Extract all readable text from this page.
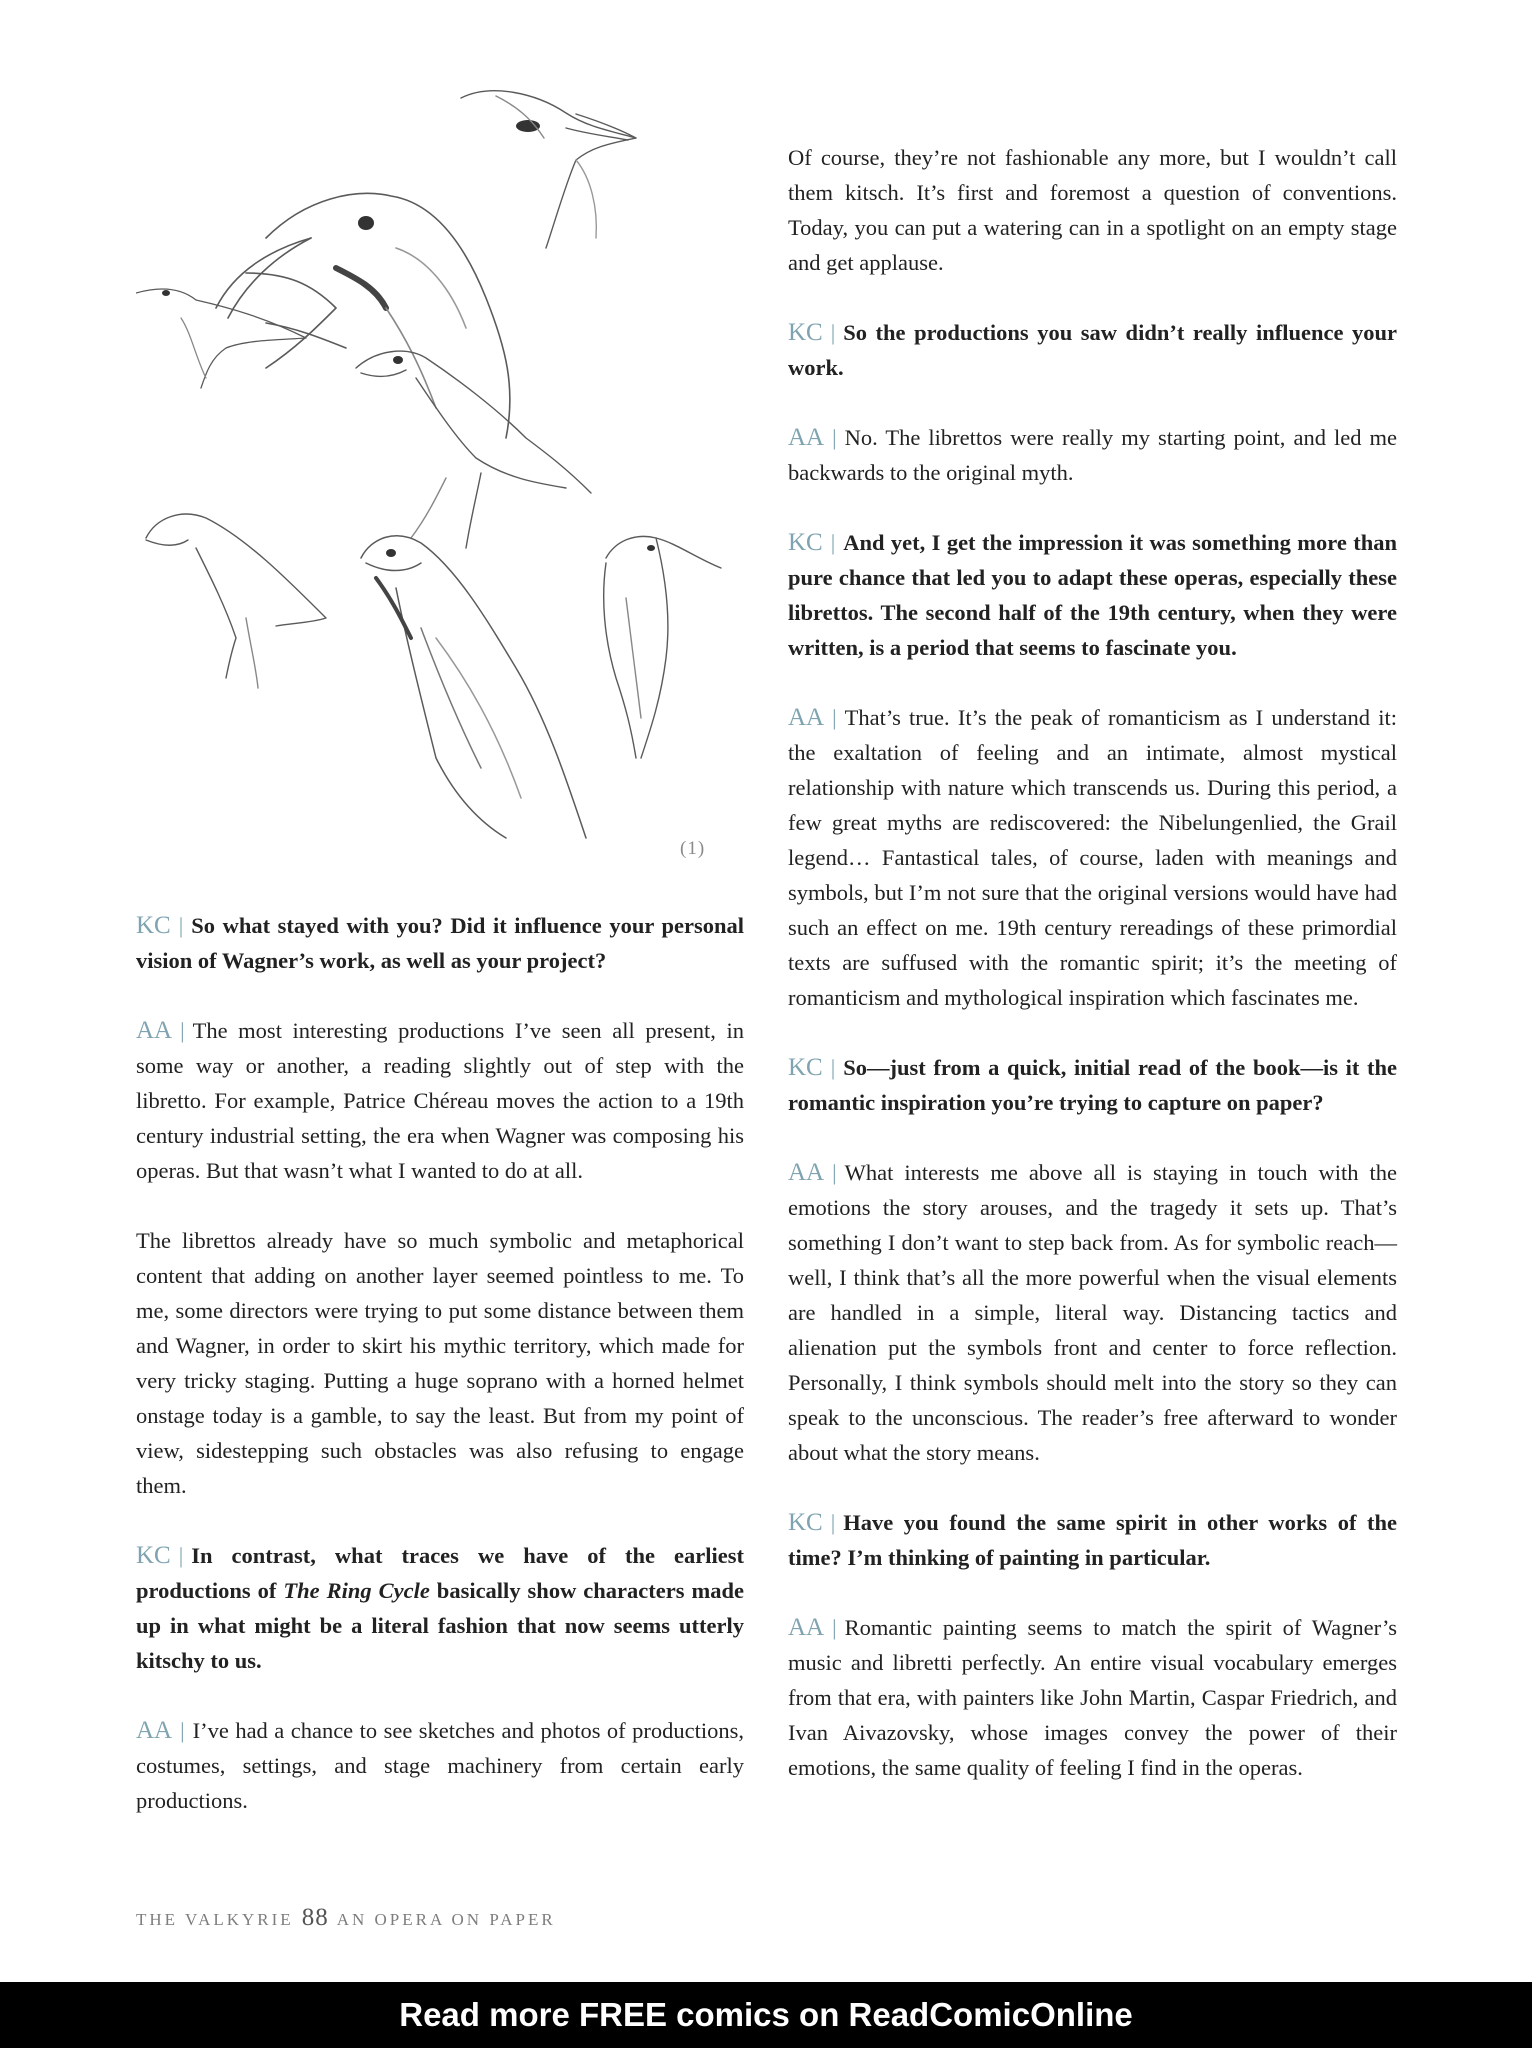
(1)

KC | So what stayed with you? Did it influence your personal vision of Wagner’s work, as well as your project?

AA | The most interesting productions I’ve seen all present, in some way or another, a reading slightly out of step with the libretto. For example, Patrice Chéreau moves the action to a 19th century industrial setting, the era when Wagner was composing his operas. But that wasn’t what I wanted to do at all.

The librettos already have so much symbolic and metaphorical content that adding on another layer seemed pointless to me. To me, some directors were trying to put some distance between them and Wagner, in order to skirt his mythic territory, which made for very tricky staging. Putting a huge soprano with a horned helmet onstage today is a gamble, to say the least. But from my point of view, sidestepping such obstacles was also refusing to engage them.

KC | In contrast, what traces we have of the earliest productions of The Ring Cycle basically show characters made up in what might be a literal fashion that now seems utterly kitschy to us.

AA | I’ve had a chance to see sketches and photos of productions, costumes, settings, and stage machinery from certain early productions.

Of course, they’re not fashionable any more, but I wouldn’t call them kitsch. It’s first and foremost a question of conventions. Today, you can put a watering can in a spotlight on an empty stage and get applause.

KC | So the productions you saw didn’t really influence your work.

AA | No. The librettos were really my starting point, and led me backwards to the original myth.

KC | And yet, I get the impression it was something more than pure chance that led you to adapt these operas, especially these librettos. The second half of the 19th century, when they were written, is a period that seems to fascinate you.

AA | That’s true. It’s the peak of romanticism as I understand it: the exaltation of feeling and an intimate, almost mystical relationship with nature which transcends us. During this period, a few great myths are rediscovered: the Nibelungenlied, the Grail legend… Fantastical tales, of course, laden with meanings and symbols, but I’m not sure that the original versions would have had such an effect on me. 19th century rereadings of these primordial texts are suffused with the romantic spirit; it’s the meeting of romanticism and mythological inspiration which fascinates me.

KC | So—just from a quick, initial read of the book—is it the romantic inspiration you’re trying to capture on paper?

AA | What interests me above all is staying in touch with the emotions the story arouses, and the tragedy it sets up. That’s something I don’t want to step back from. As for symbolic reach—well, I think that’s all the more powerful when the visual elements are handled in a simple, literal way. Distancing tactics and alienation put the symbols front and center to force reflection. Personally, I think symbols should melt into the story so they can speak to the unconscious. The reader’s free afterward to wonder about what the story means.

KC | Have you found the same spirit in other works of the time? I’m thinking of painting in particular.

AA | Romantic painting seems to match the spirit of Wagner’s music and libretti perfectly. An entire visual vocabulary emerges from that era, with painters like John Martin, Caspar Friedrich, and Ivan Aivazovsky, whose images convey the power of their emotions, the same quality of feeling I find in the operas.

THE VALKYRIE 88 AN OPERA ON PAPER
Read more FREE comics on ReadComicOnline
